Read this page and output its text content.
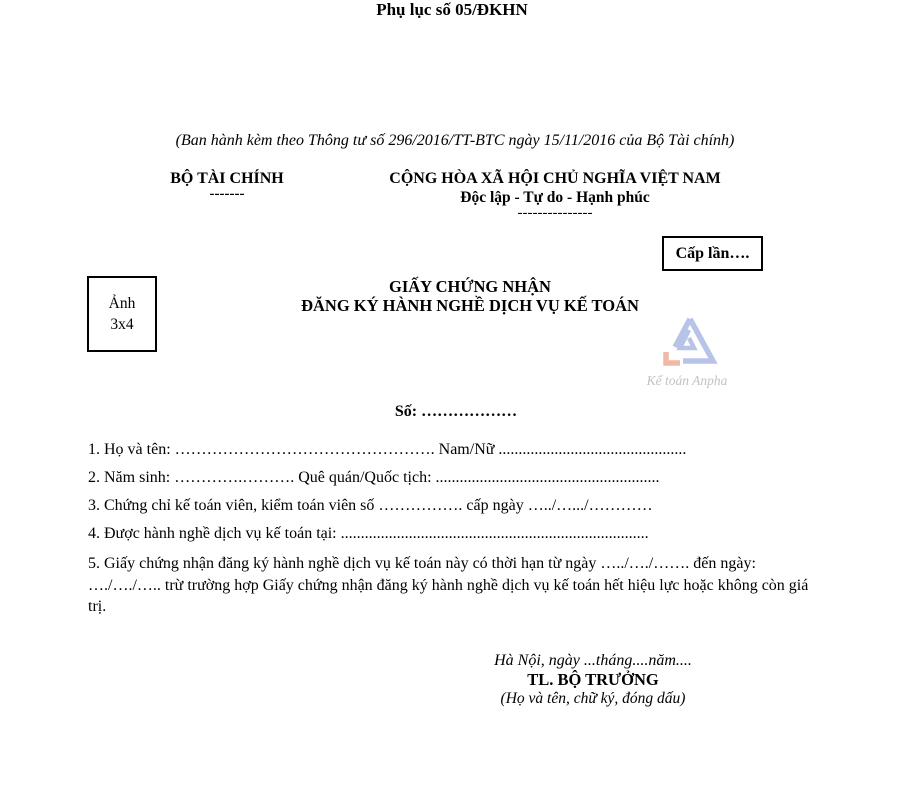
Phụ lục số 05/ĐKHN
(Ban hành kèm theo Thông tư số 296/2016/TT-BTC ngày 15/11/2016 của Bộ Tài chính)
BỘ TÀI CHÍNH
-------
CỘNG HÒA XÃ HỘI CHỦ NGHĨA VIỆT NAM
Độc lập - Tự do - Hạnh phúc
---------------
Cấp lần….
Ảnh
3x4
GIẤY CHỨNG NHẬN
ĐĂNG KÝ HÀNH NGHỀ DỊCH VỤ KẾ TOÁN
Kế toán Anpha
Số: ………………
1. Họ và tên: …………………………………………. Nam/Nữ ...............................................
2. Năm sinh: ………….………. Quê quán/Quốc tịch: ........................................................
3. Chứng chỉ kế toán viên, kiểm toán viên số ……………. cấp ngày …../….../…………
4. Được hành nghề dịch vụ kế toán tại: .............................................................................

5. Giấy chứng nhận đăng ký hành nghề dịch vụ kế toán này có thời hạn từ ngày …../…./……. đến ngày: …./…./….. trừ trường hợp Giấy chứng nhận đăng ký hành nghề dịch vụ kế toán hết hiệu lực hoặc không còn giá trị.

Hà Nội, ngày ...tháng....năm....
TL. BỘ TRƯỞNG
(Họ và tên, chữ ký, đóng dấu)
